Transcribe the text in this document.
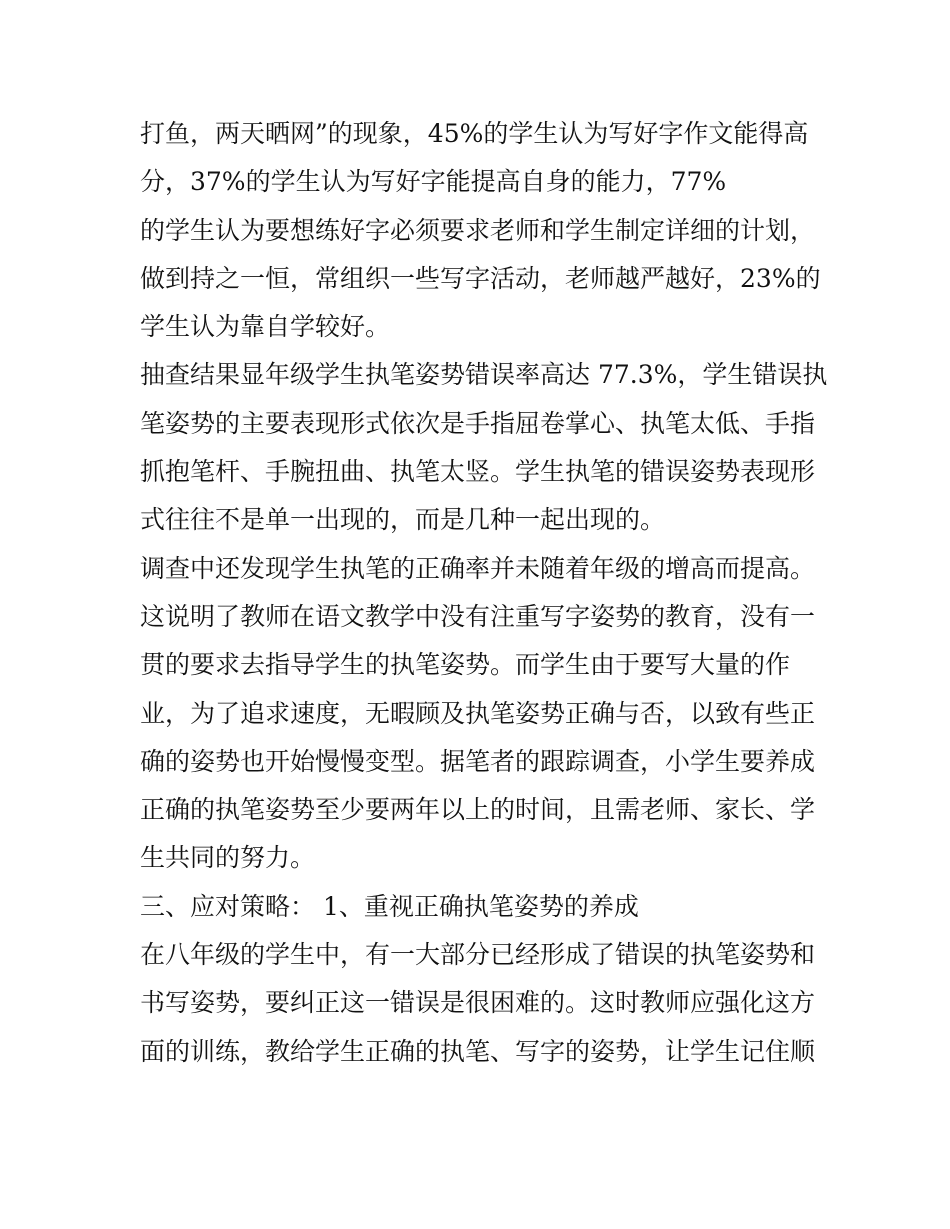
打鱼，两天晒网”的现象，45%的学生认为写好字作文能得高
分，37%的学生认为写好字能提高自身的能力，77%
的学生认为要想练好字必须要求老师和学生制定详细的计划，
做到持之一恒，常组织一些写字活动，老师越严越好，23%的
学生认为靠自学较好。
抽查结果显年级学生执笔姿势错误率高达 77.3%，学生错误执
笔姿势的主要表现形式依次是手指屈卷掌心、执笔太低、手指
抓抱笔杆、手腕扭曲、执笔太竖。学生执笔的错误姿势表现形
式往往不是单一出现的，而是几种一起出现的。
调查中还发现学生执笔的正确率并未随着年级的增高而提高。
这说明了教师在语文教学中没有注重写字姿势的教育，没有一
贯的要求去指导学生的执笔姿势。而学生由于要写大量的作
业，为了追求速度，无暇顾及执笔姿势正确与否，以致有些正
确的姿势也开始慢慢变型。据笔者的跟踪调查，小学生要养成
正确的执笔姿势至少要两年以上的时间，且需老师、家长、学
生共同的努力。
三、应对策略： 1、重视正确执笔姿势的养成
在八年级的学生中，有一大部分已经形成了错误的执笔姿势和
书写姿势，要纠正这一错误是很困难的。这时教师应强化这方
面的训练，教给学生正确的执笔、写字的姿势，让学生记住顺
